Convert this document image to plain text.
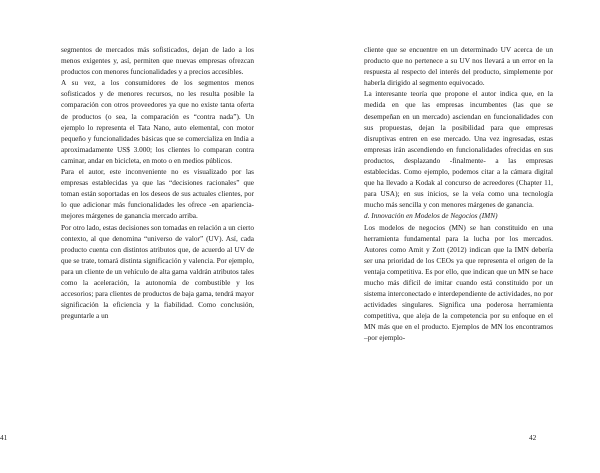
segmentos de mercados más sofisticados, dejan de lado a los menos exigentes y, así, permiten que nuevas empresas ofrezcan productos con menores funcionalidades y a precios accesibles.

A su vez, a los consumidores de los segmentos menos sofisticados y de menores recursos, no les resulta posible la comparación con otros proveedores ya que no existe tanta oferta de productos (o sea, la comparación es “contra nada”). Un ejemplo lo representa el Tata Nano, auto elemental, con motor pequeño y funcionalidades básicas que se comercializa en India a aproximadamente US$ 3.000; los clientes lo comparan contra caminar, andar en bicicleta, en moto o en medios públicos.

Para el autor, este inconveniente no es visualizado por las empresas establecidas ya que las “decisiones racionales” que toman están soportadas en los deseos de sus actuales clientes, por lo que adicionar más funcionalidades les ofrece -en apariencia- mejores márgenes de ganancia mercado arriba.

Por otro lado, estas decisiones son tomadas en relación a un cierto contexto, al que denomina “universo de valor” (UV). Así, cada producto cuenta con distintos atributos que, de acuerdo al UV de que se trate, tomará distinta significación y valencia. Por ejemplo, para un cliente de un vehículo de alta gama valdrán atributos tales como la aceleración, la autonomía de combustible y los accesorios; para clientes de productos de baja gama, tendrá mayor significación la eficiencia y la fiabilidad. Como conclusión, preguntarle a un

41

cliente que se encuentre en un determinado UV acerca de un producto que no pertenece a su UV nos llevará a un error en la respuesta al respecto del interés del producto, simplemente por haberla dirigido al segmento equivocado.

La interesante teoría que propone el autor indica que, en la medida en que las empresas incumbentes (las que se desempeñan en un mercado) asciendan en funcionalidades con sus propuestas, dejan la posibilidad para que empresas disruptivas entren en ese mercado. Una vez ingresadas, estas empresas irán ascendiendo en funcionalidades ofrecidas en sus productos, desplazando -finalmente- a las empresas establecidas. Como ejemplo, podemos citar a la cámara digital que ha llevado a Kodak al concurso de acreedores (Chapter 11, para USA); en sus inicios, se la veía como una tecnología mucho más sencilla y con menores márgenes de ganancia.

d. Innovación en Modelos de Negocios (IMN)

Los modelos de negocios (MN) se han constituido en una herramienta fundamental para la lucha por los mercados. Autores como Amit y Zott (2012) indican que la IMN debería ser una prioridad de los CEOs ya que representa el origen de la ventaja competitiva. Es por ello, que indican que un MN se hace mucho más difícil de imitar cuando está constituido por un sistema interconectado e interdependiente de actividades, no por actividades singulares. Significa una poderosa herramienta competitiva, que aleja de la competencia por su enfoque en el MN más que en el producto. Ejemplos de MN los encontramos –por ejemplo-

42
